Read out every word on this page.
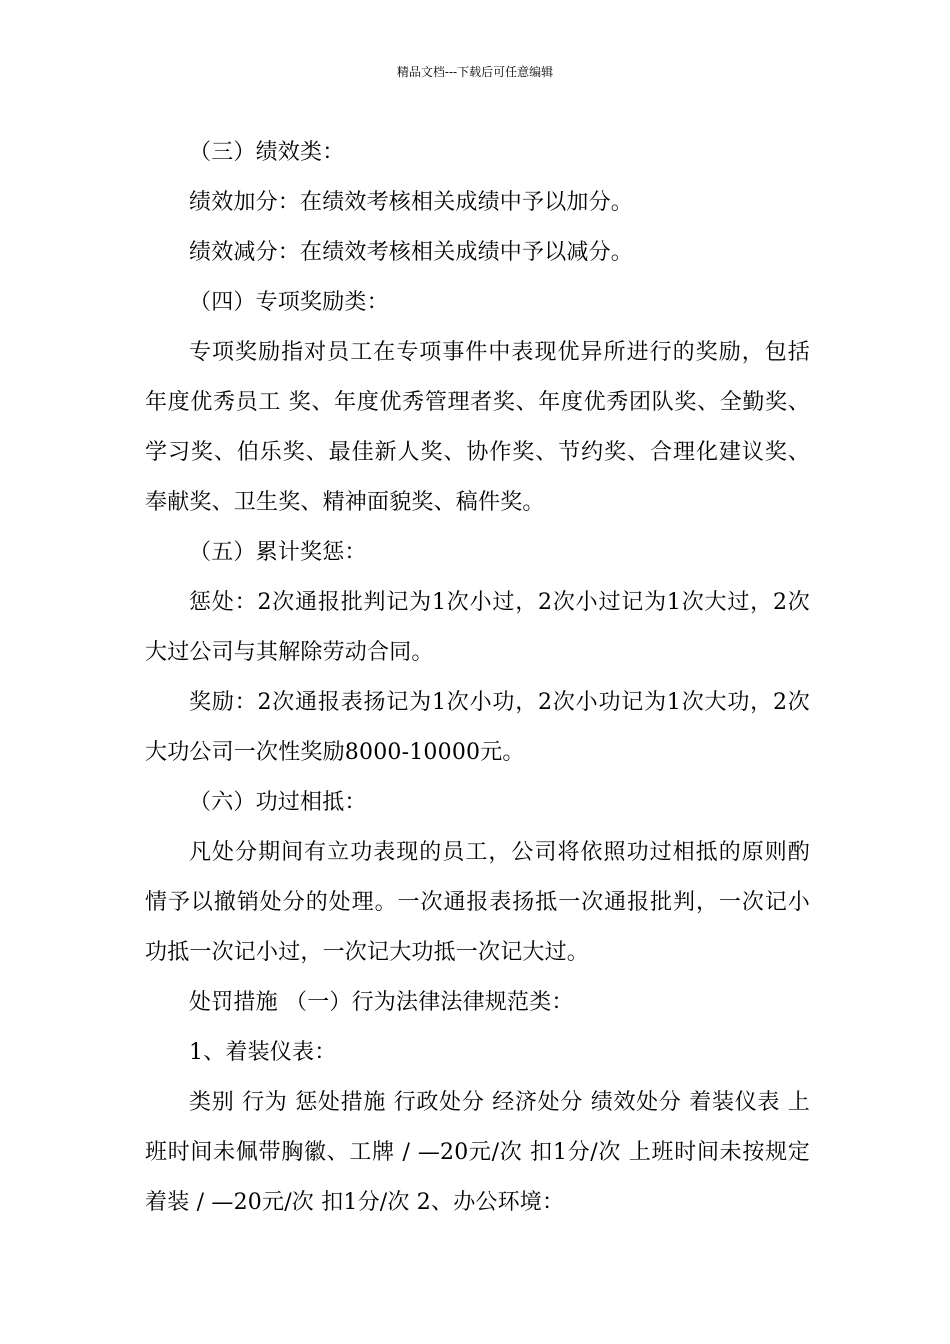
精品文档---下载后可任意编辑

（三）绩效类：

绩效加分：在绩效考核相关成绩中予以加分。

绩效减分：在绩效考核相关成绩中予以减分。

（四）专项奖励类：

专项奖励指对员工在专项事件中表现优异所进行的奖励，包括年度优秀员工 奖、年度优秀管理者奖、年度优秀团队奖、全勤奖、学习奖、伯乐奖、最佳新人奖、协作奖、节约奖、合理化建议奖、奉献奖、卫生奖、精神面貌奖、稿件奖。

（五）累计奖惩：

惩处：2次通报批判记为1次小过，2次小过记为1次大过，2次大过公司与其解除劳动合同。

奖励：2次通报表扬记为1次小功，2次小功记为1次大功，2次大功公司一次性奖励8000-10000元。

（六）功过相抵：

凡处分期间有立功表现的员工，公司将依照功过相抵的原则酌情予以撤销处分的处理。一次通报表扬抵一次通报批判，一次记小功抵一次记小过，一次记大功抵一次记大过。

处罚措施 （一）行为法律法律规范类：

1、着装仪表：

类别 行为 惩处措施 行政处分 经济处分 绩效处分 着装仪表 上班时间未佩带胸徽、工牌 / —20元/次 扣1分/次 上班时间未按规定着装 / —20元/次 扣1分/次 2、办公环境：
